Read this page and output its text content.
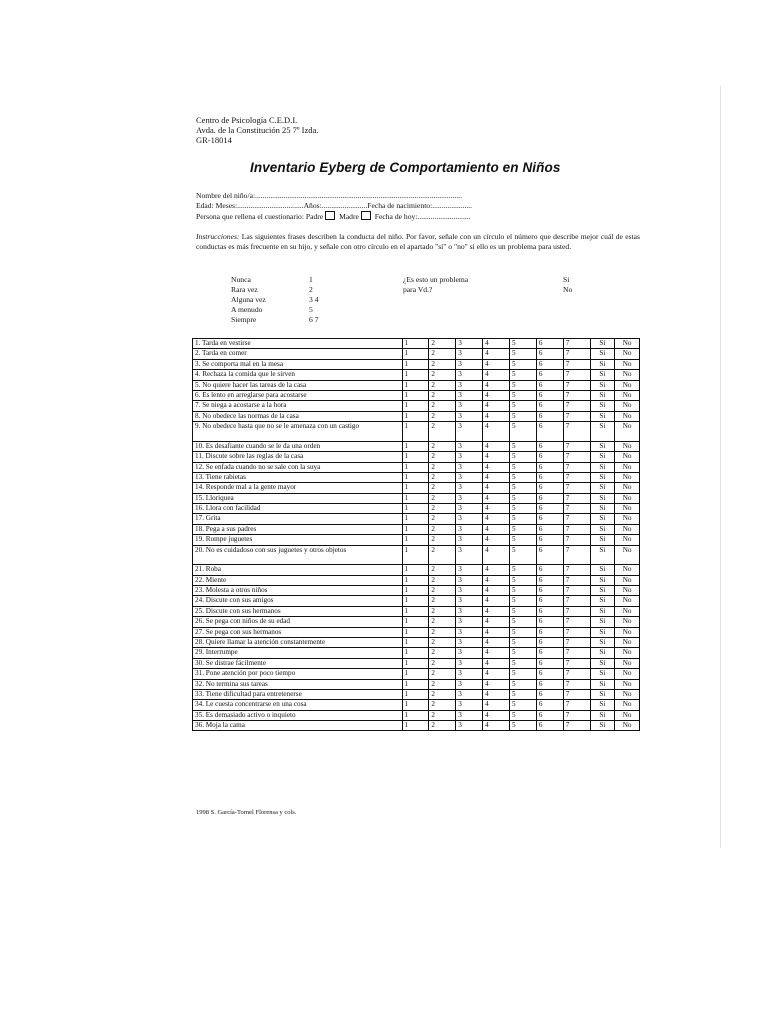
Centro de Psicología C.E.D.I.
Avda. de la Constitución 25 7º Izda.
GR-18014
Inventario Eyberg de Comportamiento en Niños
Nombre del niño/a:.............................................................................................................
Edad: Meses:...................................Años:........................Fecha de nacimiento:.....................
Persona que rellena el cuestionario: Padre Madre Fecha de hoy:............................
Instrucciones: Las siguientes frases describen la conducta del niño. Por favor, señale con un círculo el número que describe mejor cuál de estas conductas es más frecuente en su hijo, y señale con otro círculo en el apartado "sí" o "no" si ello es un problema para usted.
Nunca	1
Rara vez	2
Alguna vez	3 4
A menudo	5
Siempre	6 7
¿Es esto un problema
para Vd.?
Si
No
1. Tarda en vestirse	1	2	3	4	5	6	7	Si	No
2. Tarda en comer	1	2	3	4	5	6	7	Si	No
3. Se comporta mal en la mesa	1	2	3	4	5	6	7	Si	No
4. Rechaza la comida que le sirven	1	2	3	4	5	6	7	Si	No
5. No quiere hacer las tareas de la casa	1	2	3	4	5	6	7	Si	No
6. Es lento en arreglarse para acostarse	1	2	3	4	5	6	7	Si	No
7. Se niega a acostarse a la hora	1	2	3	4	5	6	7	Si	No
8. No obedece las normas de la casa	1	2	3	4	5	6	7	Si	No
9. No obedece hasta que no se le amenaza con un castigo	1	2	3	4	5	6	7	Si	No
10. Es desafiante cuando se le da una orden	1	2	3	4	5	6	7	Si	No
11. Discute sobre las reglas de la casa	1	2	3	4	5	6	7	Si	No
12. Se enfada cuando no se sale con la suya	1	2	3	4	5	6	7	Si	No
13. Tiene rabietas	1	2	3	4	5	6	7	Si	No
14. Responde mal a la gente mayor	1	2	3	4	5	6	7	Si	No
15. Lloriquea	1	2	3	4	5	6	7	Si	No
16. Llora con facilidad	1	2	3	4	5	6	7	Si	No
17. Grita	1	2	3	4	5	6	7	Si	No
18. Pega a sus padres	1	2	3	4	5	6	7	Si	No
19. Rompe juguetes	1	2	3	4	5	6	7	Si	No
20. No es cuidadoso con sus juguetes y otros objetos	1	2	3	4	5	6	7	Si	No
21. Roba	1	2	3	4	5	6	7	Si	No
22. Miente	1	2	3	4	5	6	7	Si	No
23. Molesta a otros niños	1	2	3	4	5	6	7	Si	No
24. Discute con sus amigos	1	2	3	4	5	6	7	Si	No
25. Discute con sus hermanos	1	2	3	4	5	6	7	Si	No
26. Se pega con niños de su edad	1	2	3	4	5	6	7	Si	No
27. Se pega con sus hermanos	1	2	3	4	5	6	7	Si	No
28. Quiere llamar la atención constantemente	1	2	3	4	5	6	7	Si	No
29. Interrumpe	1	2	3	4	5	6	7	Si	No
30. Se distrae fácilmente	1	2	3	4	5	6	7	Si	No
31. Pone atención por poco tiempo	1	2	3	4	5	6	7	Si	No
32. No termina sus tareas	1	2	3	4	5	6	7	Si	No
33. Tiene dificultad para entretenerse	1	2	3	4	5	6	7	Si	No
34. Le cuesta concentrarse en una cosa	1	2	3	4	5	6	7	Si	No
35. Es demasiado activo o inquieto	1	2	3	4	5	6	7	Si	No
36. Moja la cama	1	2	3	4	5	6	7	Si	No
1998 S. García-Tornel Florensa y cols.
